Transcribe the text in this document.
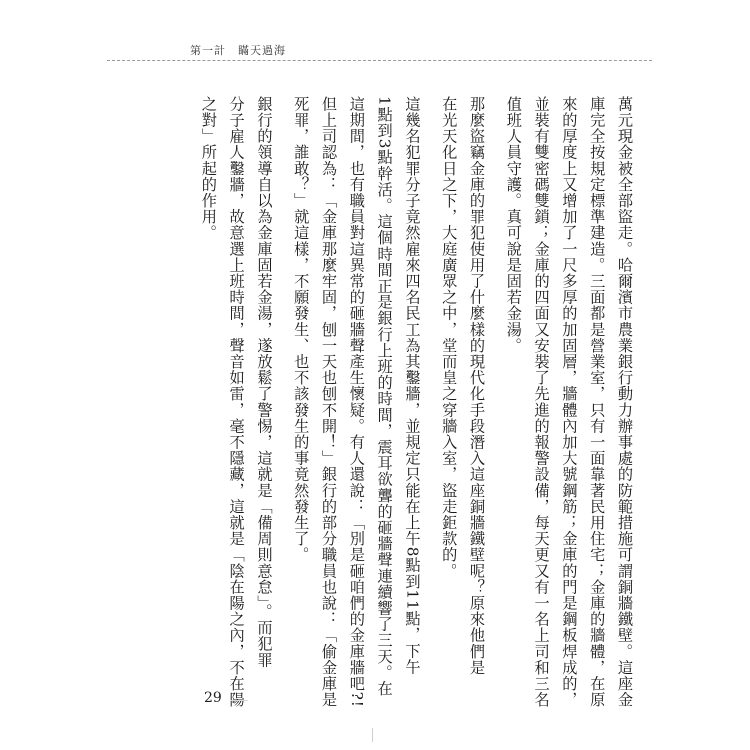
第一計　瞞天過海
萬元現金被全部盜走。哈爾濱市農業銀行動力辦事處的防範措施可謂銅牆鐵壁。這座金
庫完全按規定標準建造。三面都是營業室，只有一面靠著民用住宅；金庫的牆體，在原
來的厚度上又增加了一尺多厚的加固層，牆體內加大號鋼筋；金庫的門是鋼板焊成的，
並裝有雙密碼雙鎖；金庫的四面又安裝了先進的報警設備，每天更又有一名上司和三名
值班人員守護。真可說是固若金湯。
那麼盜竊金庫的罪犯使用了什麼樣的現代化手段潛入這座銅牆鐵壁呢？原來他們是
在光天化日之下，大庭廣眾之中，堂而皇之穿牆入室，盜走鉅款的。
這幾名犯罪分子竟然雇來四名民工為其鑿牆，並規定只能在上午8點到11點，下午
1點到3點幹活。這個時間正是銀行上班的時間，震耳欲聾的砸牆聲連續響了三天。在
這期間，也有職員對這異常的砸牆聲產生懷疑。有人還說：「別是砸咱們的金庫牆吧?!
但上司認為：「金庫那麼牢固，刨一天也刨不開！」銀行的部分職員也說：「偷金庫是
死罪，誰敢？」就這樣，不願發生、也不該發生的事竟然發生了。
銀行的領導自以為金庫固若金湯，遂放鬆了警惕，這就是「備周則意怠」。而犯罪
分子雇人鑿牆，故意選上班時間，聲音如雷，毫不隱藏，這就是「陰在陽之內，不在陽
之對」所起的作用。
29
